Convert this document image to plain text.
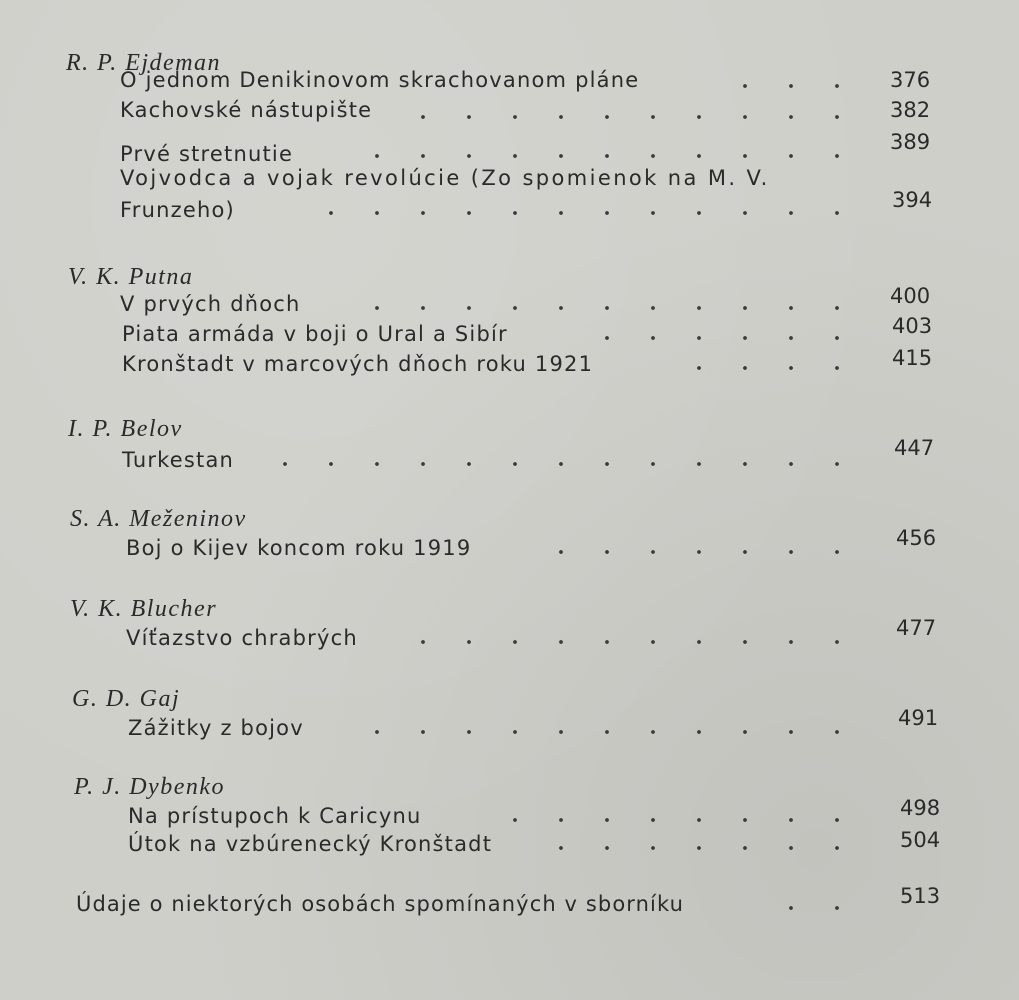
R. P. Ejdeman
O jednom Denikinovom skrachovanom pláne	376
Kachovské nástupište	382
Prvé stretnutie	389
Vojvodca a vojak revolúcie (Zo spomienok na M. V.
Frunzeho)	394
V. K. Putna
V prvých dňoch	400
Piata armáda v boji o Ural a Sibír	403
Kronštadt v marcových dňoch roku 1921	415
I. P. Belov
Turkestan	447
S. A. Meženinov
Boj o Kijev koncom roku 1919	456
V. K. Blucher
Víťazstvo chrabrých	477
G. D. Gaj
Zážitky z bojov	491
P. J. Dybenko
Na prístupoch k Caricynu	498
Útok na vzbúrenecký Kronštadt	504
Údaje o niektorých osobách spomínaných v sborníku	513
